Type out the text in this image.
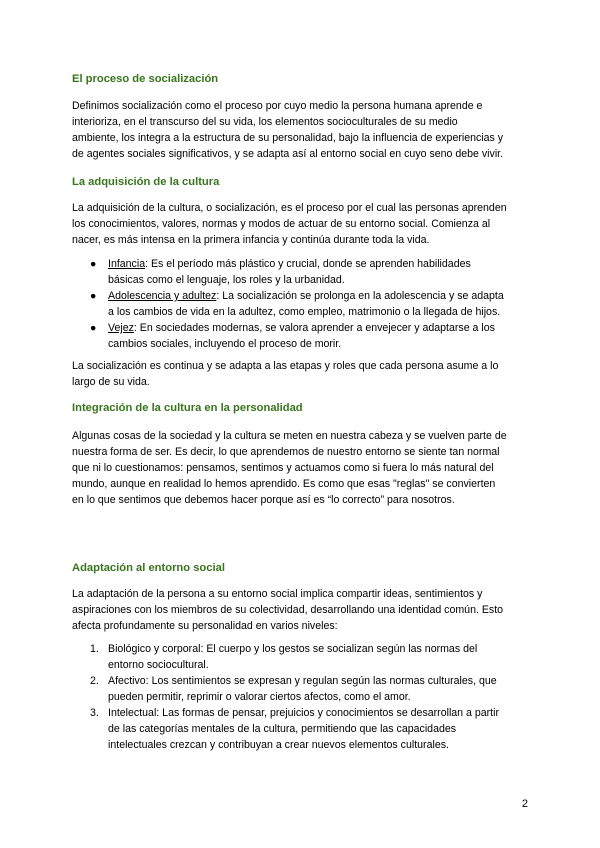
El proceso de socialización
Definimos socialización como el proceso por cuyo medio la persona humana aprende e
interioriza, en el transcurso del su vida, los elementos socioculturales de su medio
ambiente, los integra a la estructura de su personalidad, bajo la influencia de experiencias y
de agentes sociales significativos, y se adapta así al entorno social en cuyo seno debe vivir.
La adquisición de la cultura
La adquisición de la cultura, o socialización, es el proceso por el cual las personas aprenden
los conocimientos, valores, normas y modos de actuar de su entorno social. Comienza al
nacer, es más intensa en la primera infancia y continúa durante toda la vida.
●	Infancia: Es el período más plástico y crucial, donde se aprenden habilidades
básicas como el lenguaje, los roles y la urbanidad.
●	Adolescencia y adultez: La socialización se prolonga en la adolescencia y se adapta
a los cambios de vida en la adultez, como empleo, matrimonio o la llegada de hijos.
●	Vejez: En sociedades modernas, se valora aprender a envejecer y adaptarse a los
cambios sociales, incluyendo el proceso de morir.
La socialización es continua y se adapta a las etapas y roles que cada persona asume a lo
largo de su vida.
Integración de la cultura en la personalidad
Algunas cosas de la sociedad y la cultura se meten en nuestra cabeza y se vuelven parte de
nuestra forma de ser. Es decir, lo que aprendemos de nuestro entorno se siente tan normal
que ni lo cuestionamos: pensamos, sentimos y actuamos como si fuera lo más natural del
mundo, aunque en realidad lo hemos aprendido. Es como que esas "reglas" se convierten
en lo que sentimos que debemos hacer porque así es “lo correcto” para nosotros.
Adaptación al entorno social
La adaptación de la persona a su entorno social implica compartir ideas, sentimientos y
aspiraciones con los miembros de su colectividad, desarrollando una identidad común. Esto
afecta profundamente su personalidad en varios niveles:
1. Biológico y corporal: El cuerpo y los gestos se socializan según las normas del
entorno sociocultural.
2. Afectivo: Los sentimientos se expresan y regulan según las normas culturales, que
pueden permitir, reprimir o valorar ciertos afectos, como el amor.
3. Intelectual: Las formas de pensar, prejuicios y conocimientos se desarrollan a partir
de las categorías mentales de la cultura, permitiendo que las capacidades
intelectuales crezcan y contribuyan a crear nuevos elementos culturales.
2
